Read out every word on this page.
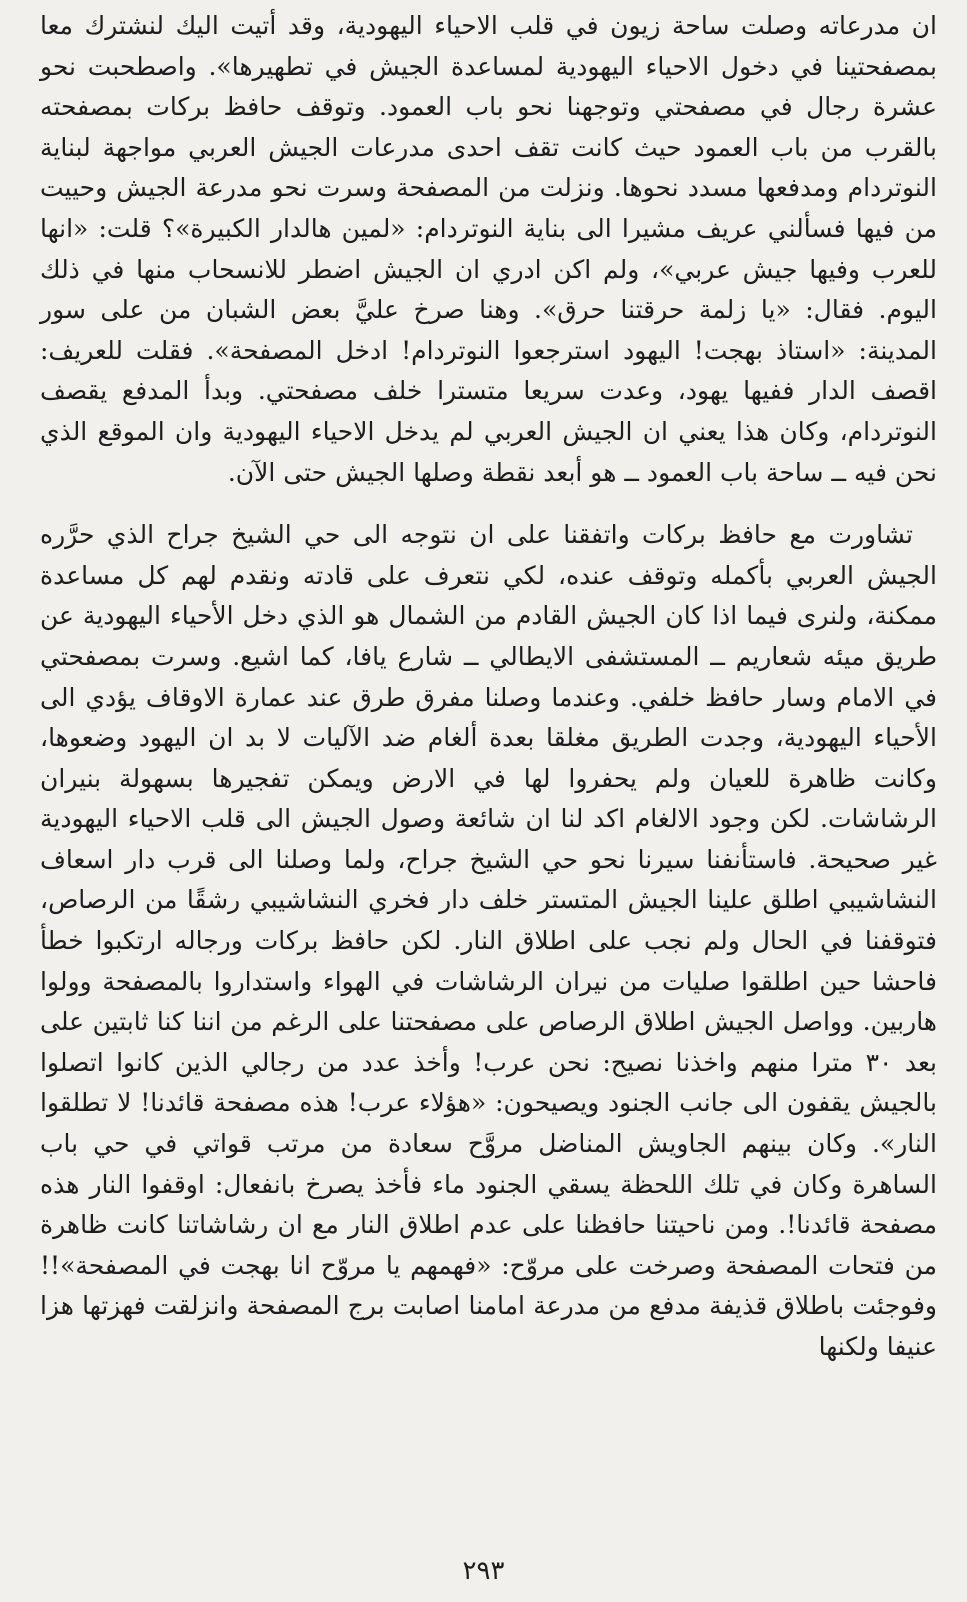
ان مدرعاته وصلت ساحة زيون في قلب الاحياء اليهودية، وقد أتيت اليك لنشترك معا بمصفحتينا في دخول الاحياء اليهودية لمساعدة الجيش في تطهيرها». واصطحبت نحو عشرة رجال في مصفحتي وتوجهنا نحو باب العمود. وتوقف حافظ بركات بمصفحته بالقرب من باب العمود حيث كانت تقف احدى مدرعات الجيش العربي مواجهة لبناية النوتردام ومدفعها مسدد نحوها. ونزلت من المصفحة وسرت نحو مدرعة الجيش وحييت من فيها فسألني عريف مشيرا الى بناية النوتردام: «لمين هالدار الكبيرة»؟ قلت: «انها للعرب وفيها جيش عربي»، ولم اكن ادري ان الجيش اضطر للانسحاب منها في ذلك اليوم. فقال: «يا زلمة حرقتنا حرق». وهنا صرخ عليَّ بعض الشبان من على سور المدينة: «استاذ بهجت! اليهود استرجعوا النوتردام! ادخل المصفحة». فقلت للعريف: اقصف الدار ففيها يهود، وعدت سريعا متسترا خلف مصفحتي. وبدأ المدفع يقصف النوتردام، وكان هذا يعني ان الجيش العربي لم يدخل الاحياء اليهودية وان الموقع الذي نحن فيه ــ ساحة باب العمود ــ هو أبعد نقطة وصلها الجيش حتى الآن.

تشاورت مع حافظ بركات واتفقنا على ان نتوجه الى حي الشيخ جراح الذي حرَّره الجيش العربي بأكمله وتوقف عنده، لكي نتعرف على قادته ونقدم لهم كل مساعدة ممكنة، ولنرى فيما اذا كان الجيش القادم من الشمال هو الذي دخل الأحياء اليهودية عن طريق ميئه شعاريم ــ المستشفى الايطالي ــ شارع يافا، كما اشيع. وسرت بمصفحتي في الامام وسار حافظ خلفي. وعندما وصلنا مفرق طرق عند عمارة الاوقاف يؤدي الى الأحياء اليهودية، وجدت الطريق مغلقا بعدة ألغام ضد الآليات لا بد ان اليهود وضعوها، وكانت ظاهرة للعيان ولم يحفروا لها في الارض ويمكن تفجيرها بسهولة بنيران الرشاشات. لكن وجود الالغام اكد لنا ان شائعة وصول الجيش الى قلب الاحياء اليهودية غير صحيحة. فاستأنفنا سيرنا نحو حي الشيخ جراح، ولما وصلنا الى قرب دار اسعاف النشاشيبي اطلق علينا الجيش المتستر خلف دار فخري النشاشيبي رشقًا من الرصاص، فتوقفنا في الحال ولم نجب على اطلاق النار. لكن حافظ بركات ورجاله ارتكبوا خطأ فاحشا حين اطلقوا صليات من نيران الرشاشات في الهواء واستداروا بالمصفحة وولوا هاربين. وواصل الجيش اطلاق الرصاص على مصفحتنا على الرغم من اننا كنا ثابتين على بعد ٣٠ مترا منهم واخذنا نصيح: نحن عرب! وأخذ عدد من رجالي الذين كانوا اتصلوا بالجيش يقفون الى جانب الجنود ويصيحون: «هؤلاء عرب! هذه مصفحة قائدنا! لا تطلقوا النار». وكان بينهم الجاويش المناضل مروَّح سعادة من مرتب قواتي في حي باب الساهرة وكان في تلك اللحظة يسقي الجنود ماء فأخذ يصرخ بانفعال: اوقفوا النار هذه مصفحة قائدنا!. ومن ناحيتنا حافظنا على عدم اطلاق النار مع ان رشاشاتنا كانت ظاهرة من فتحات المصفحة وصرخت على مروّح: «فهمهم يا مروّح انا بهجت في المصفحة»!! وفوجئت باطلاق قذيفة مدفع من مدرعة امامنا اصابت برج المصفحة وانزلقت فهزتها هزا عنيفا ولكنها

٢٩٣
